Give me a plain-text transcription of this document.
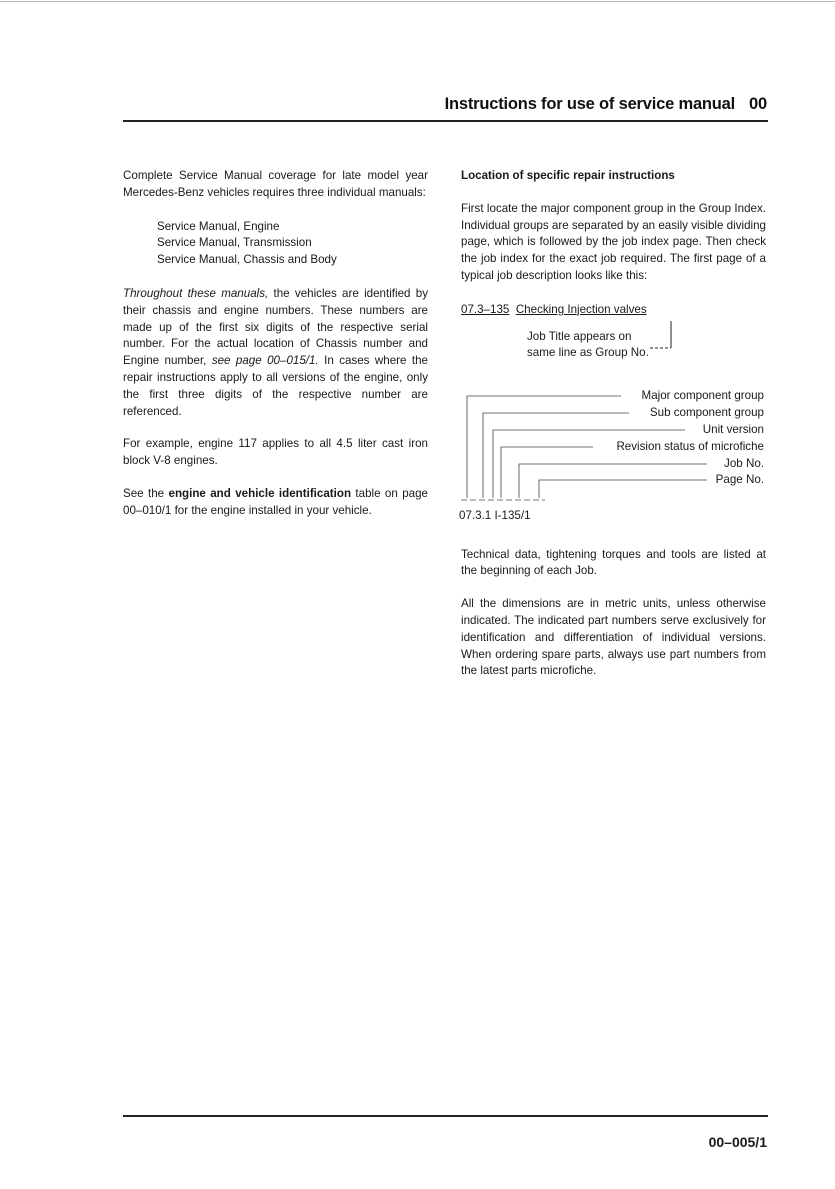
Instructions for use of service manual 00

Complete Service Manual coverage for late model year Mercedes-Benz vehicles requires three individual manuals:

Service Manual, Engine
Service Manual, Transmission
Service Manual, Chassis and Body

Throughout these manuals, the vehicles are identified by their chassis and engine numbers. These numbers are made up of the first six digits of the respective serial number. For the actual location of Chassis number and Engine number, see page 00–015/1. In cases where the repair instructions apply to all versions of the engine, only the first three digits of the respective number are referenced.

For example, engine 117 applies to all 4.5 liter cast iron block V-8 engines.

See the engine and vehicle identification table on page 00–010/1 for the engine installed in your vehicle.

Location of specific repair instructions

First locate the major component group in the Group Index. Individual groups are separated by an easily visible dividing page, which is followed by the job index page. Then check the job index for the exact job required. The first page of a typical job description looks like this:

07.3–135 Checking Injection valves
Job Title appears on
same line as Group No.
Major component group
Sub component group
Unit version
Revision status of microfiche
Job No.
Page No.
07.3.1 I-135/1

Technical data, tightening torques and tools are listed at the beginning of each Job.

All the dimensions are in metric units, unless otherwise indicated. The indicated part numbers serve exclusively for identification and differentiation of individual versions. When ordering spare parts, always use part numbers from the latest parts microfiche.

00–005/1
